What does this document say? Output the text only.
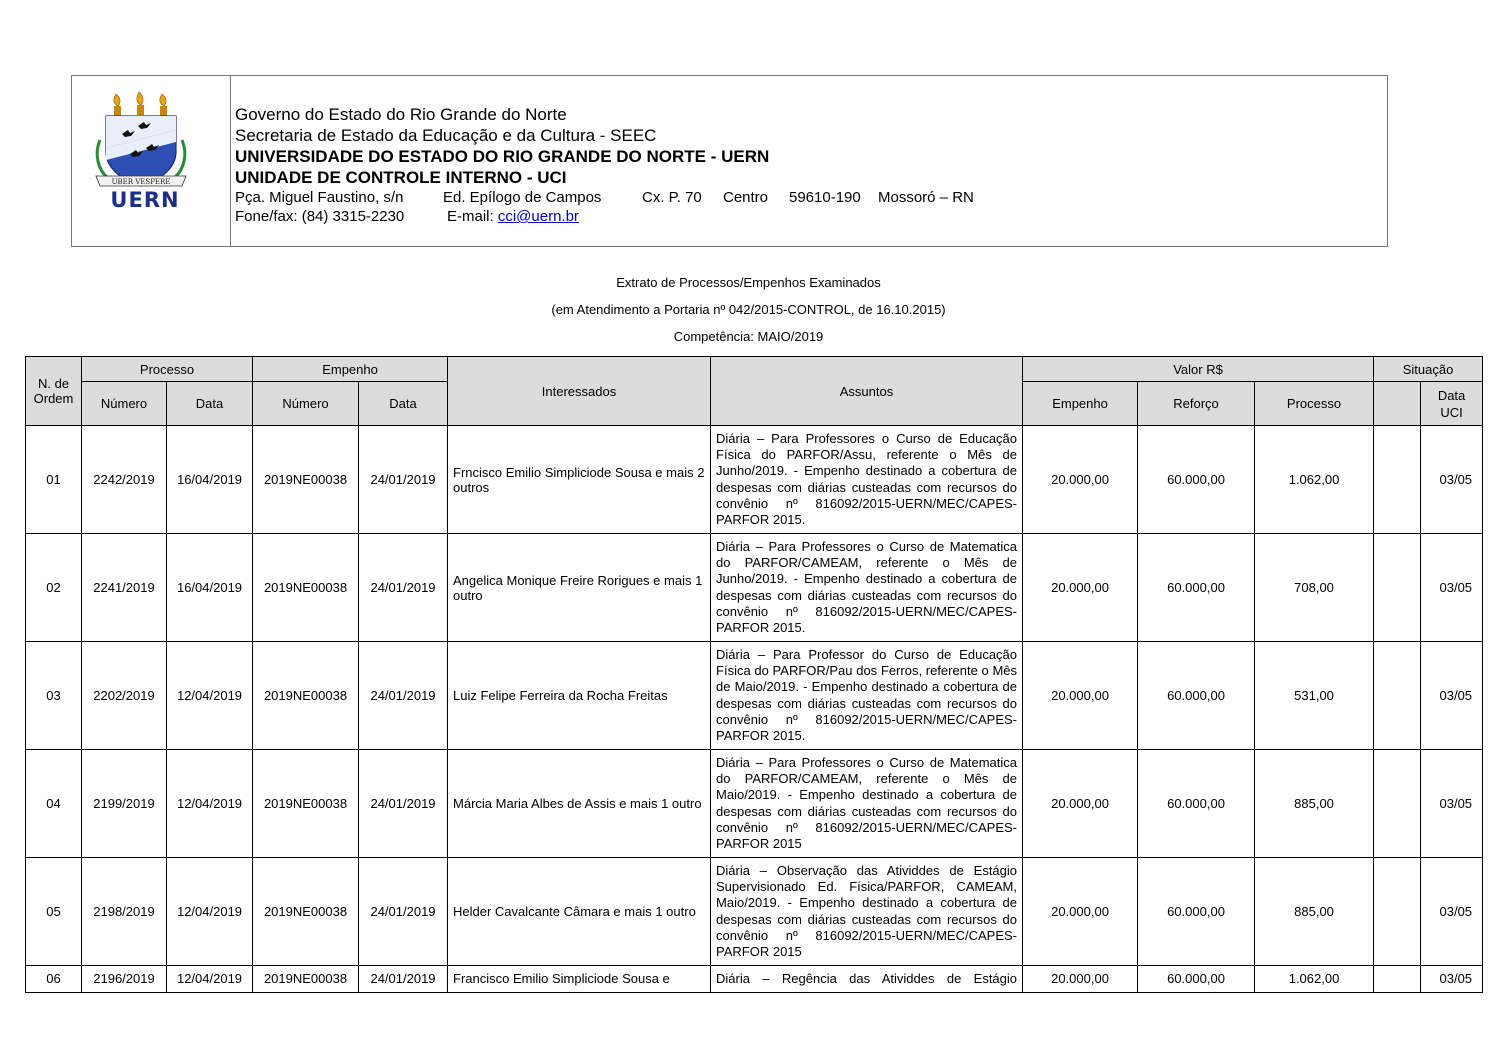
UBER VESPERE
UERN
Governo do Estado do Rio Grande do Norte
Secretaria de Estado da Educação e da Cultura - SEEC
UNIVERSIDADE DO ESTADO DO RIO GRANDE DO NORTE - UERN
UNIDADE DE CONTROLE INTERNO - UCI
Pça. Miguel Faustino, s/n	Ed. Epílogo de Campos	Cx. P. 70 Centro 59610-190 Mossoró – RN
Fone/fax: (84) 3315-2230	E-mail: cci@uern.br
Extrato de Processos/Empenhos Examinados
(em Atendimento a Portaria nº 042/2015-CONTROL, de 16.10.2015)
Competência: MAIO/2019
N. de Ordem	Processo		Empenho		Interessados	Assuntos	Valor R$			Situação	
	Número	Data	Número	Data			Empenho	Reforço	Processo		Data UCI
01	2242/2019	16/04/2019	2019NE00038	24/01/2019	Frncisco Emilio Simpliciode Sousa e mais 2 outros	Diária – Para Professores o Curso de Educação Física do PARFOR/Assu, referente o Mês de Junho/2019. - Empenho destinado a cobertura de despesas com diárias custeadas com recursos do convênio nº 816092/2015-UERN/MEC/CAPES-PARFOR 2015.	20.000,00	60.000,00	1.062,00		03/05
02	2241/2019	16/04/2019	2019NE00038	24/01/2019	Angelica Monique Freire Rorigues e mais 1 outro	Diária – Para Professores o Curso de Matematica do PARFOR/CAMEAM, referente o Mês de Junho/2019. - Empenho destinado a cobertura de despesas com diárias custeadas com recursos do convênio nº 816092/2015-UERN/MEC/CAPES-PARFOR 2015.	20.000,00	60.000,00	708,00		03/05
03	2202/2019	12/04/2019	2019NE00038	24/01/2019	Luiz Felipe Ferreira da Rocha Freitas	Diária – Para Professor do Curso de Educação Física do PARFOR/Pau dos Ferros, referente o Mês de Maio/2019. - Empenho destinado a cobertura de despesas com diárias custeadas com recursos do convênio nº 816092/2015-UERN/MEC/CAPES-PARFOR 2015.	20.000,00	60.000,00	531,00		03/05
04	2199/2019	12/04/2019	2019NE00038	24/01/2019	Márcia Maria Albes de Assis e mais 1 outro	Diária – Para Professores o Curso de Matematica do PARFOR/CAMEAM, referente o Mês de Maio/2019. - Empenho destinado a cobertura de despesas com diárias custeadas com recursos do convênio nº 816092/2015-UERN/MEC/CAPES-PARFOR 2015	20.000,00	60.000,00	885,00		03/05
05	2198/2019	12/04/2019	2019NE00038	24/01/2019	Helder Cavalcante Câmara e mais 1 outro	Diária – Observação das Atividdes de Estágio Supervisionado Ed. Física/PARFOR, CAMEAM, Maio/2019. - Empenho destinado a cobertura de despesas com diárias custeadas com recursos do convênio nº 816092/2015-UERN/MEC/CAPES-PARFOR 2015	20.000,00	60.000,00	885,00		03/05
06	2196/2019	12/04/2019	2019NE00038	24/01/2019	Francisco Emilio Simpliciode Sousa e	Diária – Regência das Atividdes de Estágio	20.000,00	60.000,00	1.062,00		03/05
